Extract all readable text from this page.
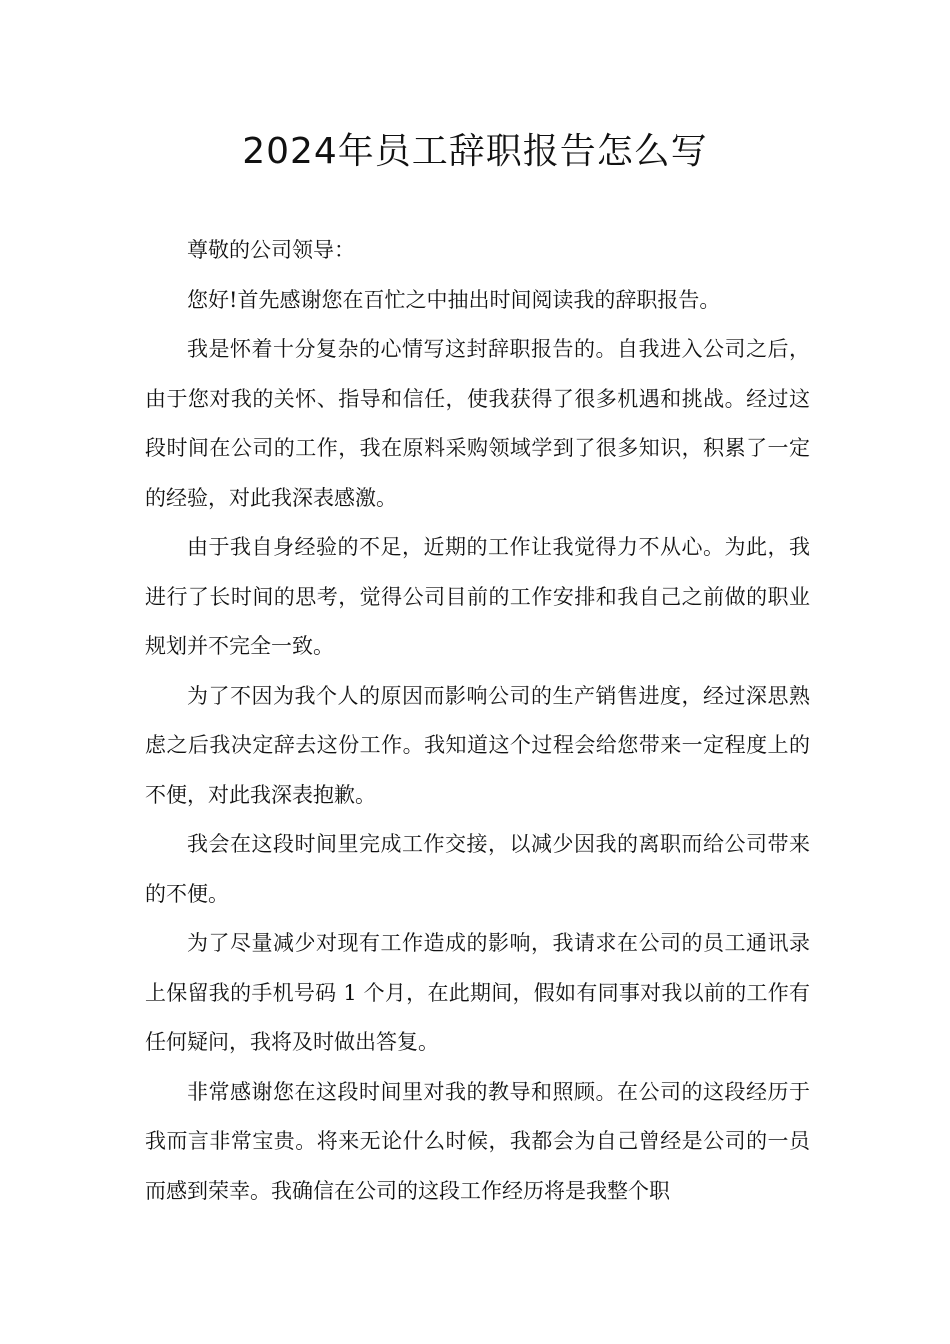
2024年员工辞职报告怎么写

尊敬的公司领导：

您好!首先感谢您在百忙之中抽出时间阅读我的辞职报告。

我是怀着十分复杂的心情写这封辞职报告的。自我进入公司之后，由于您对我的关怀、指导和信任，使我获得了很多机遇和挑战。经过这段时间在公司的工作，我在原料采购领域学到了很多知识，积累了一定的经验，对此我深表感激。

由于我自身经验的不足，近期的工作让我觉得力不从心。为此，我进行了长时间的思考，觉得公司目前的工作安排和我自己之前做的职业规划并不完全一致。

为了不因为我个人的原因而影响公司的生产销售进度，经过深思熟虑之后我决定辞去这份工作。我知道这个过程会给您带来一定程度上的不便，对此我深表抱歉。

我会在这段时间里完成工作交接，以减少因我的离职而给公司带来的不便。

为了尽量减少对现有工作造成的影响，我请求在公司的员工通讯录上保留我的手机号码 1 个月，在此期间，假如有同事对我以前的工作有任何疑问，我将及时做出答复。

非常感谢您在这段时间里对我的教导和照顾。在公司的这段经历于我而言非常宝贵。将来无论什么时候，我都会为自己曾经是公司的一员而感到荣幸。我确信在公司的这段工作经历将是我整个职
